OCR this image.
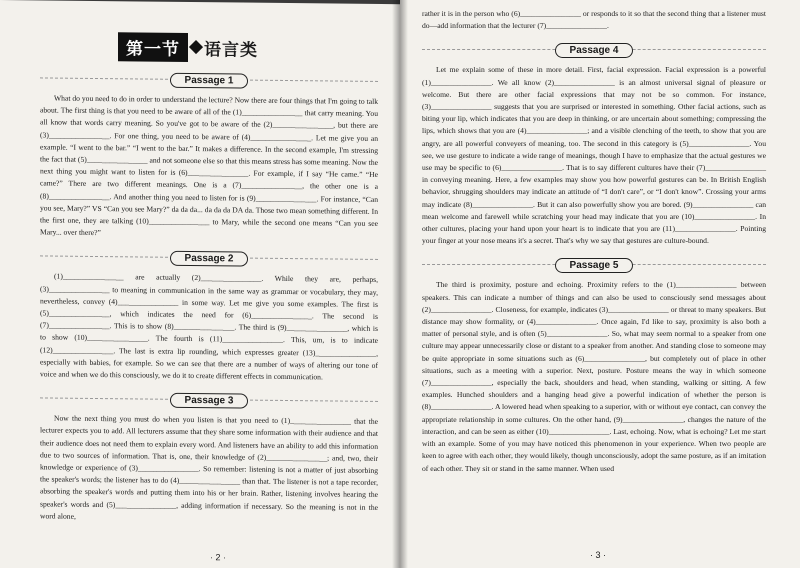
第一节	语言类
Passage 1

What do you need to do in order to understand the lecture? Now there are four things that I'm going to talk about. The first thing is that you need to be aware of all of the (1)________________ that carry meaning. You all know that words carry meaning. So you've got to be aware of the (2)________________, but there are (3)________________. For one thing, you need to be aware of (4)________________. Let me give you an example. “I went to the bar.” “I went to the bar.” It makes a difference. In the second example, I'm stressing the fact that (5)________________ and not someone else so that this means stress has some meaning. Now the next thing you might want to listen for is (6)________________. For example, if I say “He came.” “He came?” There are two different meanings. One is a (7)________________, the other one is a (8)________________. And another thing you need to listen for is (9)________________. For instance, “Can you see, Mary?” VS “Can you see Mary?” da da da... da da da DA da. Those two mean something different. In the first one, they are talking (10)________________ to Mary, while the second one means “Can you see Mary... over there?”

Passage 2

(1)________________ are actually (2)________________. While they are, perhaps, (3)________________ to meaning in communication in the same way as grammar or vocabulary, they may, nevertheless, convey (4)________________ in some way. Let me give you some examples. The first is (5)________________, which indicates the need for (6)________________. The second is (7)________________. This is to show (8)________________. The third is (9)________________, which is to show (10)________________. The fourth is (11)________________. This, um, is to indicate (12)________________. The last is extra lip rounding, which expresses greater (13)________________, especially with babies, for example. So we can see that there are a number of ways of altering our tone of voice and when we do this consciously, we do it to create different effects in communication.

Passage 3

Now the next thing you must do when you listen is that you need to (1)________________ that the lecturer expects you to add. All lecturers assume that they share some information with their audience and that their audience does not need them to explain every word. And listeners have an ability to add this information due to two sources of information. That is, one, their knowledge of (2)________________; and, two, their knowledge or experience of (3)________________. So remember: listening is not a matter of just absorbing the speaker's words; the listener has to do (4)________________ than that. The listener is not a tape recorder, absorbing the speaker's words and putting them into his or her brain. Rather, listening involves hearing the speaker's words and (5)________________, adding information if necessary. So the meaning is not in the word alone,

· 2 ·

rather it is in the person who (6)________________ or responds to it so that the second thing that a listener must do—add information that the lecturer (7)________________.

Passage 4

Let me explain some of these in more detail. First, facial expression. Facial expression is a powerful (1)________________. We all know (2)________________ is an almost universal signal of pleasure or welcome. But there are other facial expressions that may not be so common. For instance, (3)________________ suggests that you are surprised or interested in something. Other facial actions, such as biting your lip, which indicates that you are deep in thinking, or are uncertain about something; compressing the lips, which shows that you are (4)________________; and a visible clenching of the teeth, to show that you are angry, are all powerful conveyers of meaning, too. The second in this category is (5)________________. You see, we use gesture to indicate a wide range of meanings, though I have to emphasize that the actual gestures we use may be specific to (6)________________. That is to say different cultures have their (7)________________ in conveying meaning. Here, a few examples may show you how powerful gestures can be. In British English behavior, shrugging shoulders may indicate an attitude of “I don't care”, or “I don't know”. Crossing your arms may indicate (8)________________. But it can also powerfully show you are bored. (9)________________ can mean welcome and farewell while scratching your head may indicate that you are (10)________________. In other cultures, placing your hand upon your heart is to indicate that you are (11)________________. Pointing your finger at your nose means it's a secret. That's why we say that gestures are culture-bound.

Passage 5

The third is proximity, posture and echoing. Proximity refers to the (1)________________ between speakers. This can indicate a number of things and can also be used to consciously send messages about (2)________________. Closeness, for example, indicates (3)________________ or threat to many speakers. But distance may show formality, or (4)________________. Once again, I'd like to say, proximity is also both a matter of personal style, and is often (5)________________. So, what may seem normal to a speaker from one culture may appear unnecessarily close or distant to a speaker from another. And standing close to someone may be quite appropriate in some situations such as (6)________________, but completely out of place in other situations, such as a meeting with a superior. Next, posture. Posture means the way in which someone (7)________________, especially the back, shoulders and head, when standing, walking or sitting. A few examples. Hunched shoulders and a hanging head give a powerful indication of whether the person is (8)________________. A lowered head when speaking to a superior, with or without eye contact, can convey the appropriate relationship in some cultures. On the other hand, (9)________________, changes the nature of the interaction, and can be seen as either (10)________________. Last, echoing. Now, what is echoing? Let me start with an example. Some of you may have noticed this phenomenon in your experience. When two people are keen to agree with each other, they would likely, though unconsciously, adopt the same posture, as if an imitation of each other. They sit or stand in the same manner. When used

· 3 ·
